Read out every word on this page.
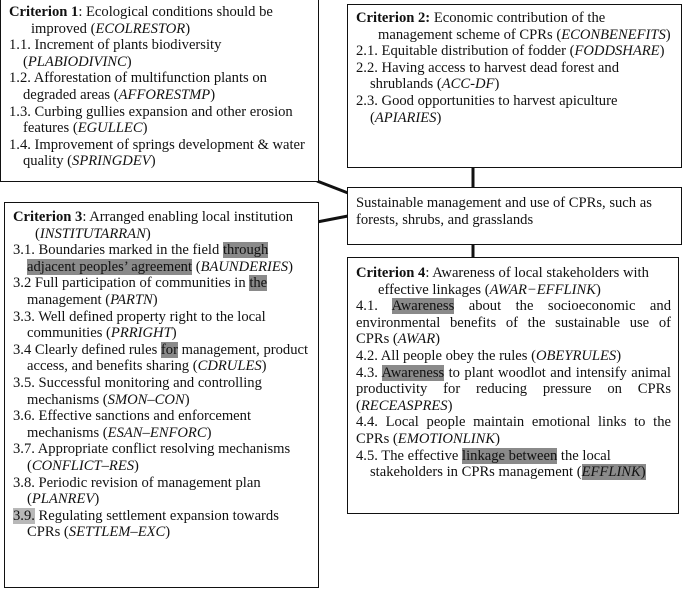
Criterion 1: Ecological conditions should be improved (ECOLRESTOR)
1.1. Increment of plants biodiversity (PLABIODIVINC)
1.2. Afforestation of multifunction plants on degraded areas (AFFORESTMP)
1.3. Curbing gullies expansion and other erosion features (EGULLEC)
1.4. Improvement of springs development & water quality (SPRINGDEV)
Criterion 2: Economic contribution of the management scheme of CPRs (ECONBENEFITS)
2.1. Equitable distribution of fodder (FODDSHARE)
2.2. Having access to harvest dead forest and shrublands (ACC-DF)
2.3. Good opportunities to harvest apiculture (APIARIES)
Sustainable management and use of CPRs, such as forests, shrubs, and grasslands
Criterion 3: Arranged enabling local institution (INSTITUTARRAN)
3.1. Boundaries marked in the field through adjacent peoples’ agreement (BAUNDERIES)
3.2 Full participation of communities in the management (PARTN)
3.3. Well defined property right to the local communities (PRRIGHT)
3.4 Clearly defined rules for management, product access, and benefits sharing (CDRULES)
3.5. Successful monitoring and controlling mechanisms (SMON–CON)
3.6. Effective sanctions and enforcement mechanisms (ESAN–ENFORC)
3.7. Appropriate conflict resolving mechanisms (CONFLICT–RES)
3.8. Periodic revision of management plan (PLANREV)
3.9. Regulating settlement expansion towards CPRs (SETTLEM–EXC)
Criterion 4: Awareness of local stakeholders with effective linkages (AWAR−EFFLINK)
4.1. Awareness about the socioeconomic and environmental benefits of the sustainable use of CPRs (AWAR)
4.2. All people obey the rules (OBEYRULES)
4.3. Awareness to plant woodlot and intensify animal productivity for reducing pressure on CPRs (RECEASPRES)
4.4. Local people maintain emotional links to the CPRs (EMOTIONLINK)
4.5. The effective linkage between the local stakeholders in CPRs management (EFFLINK)
